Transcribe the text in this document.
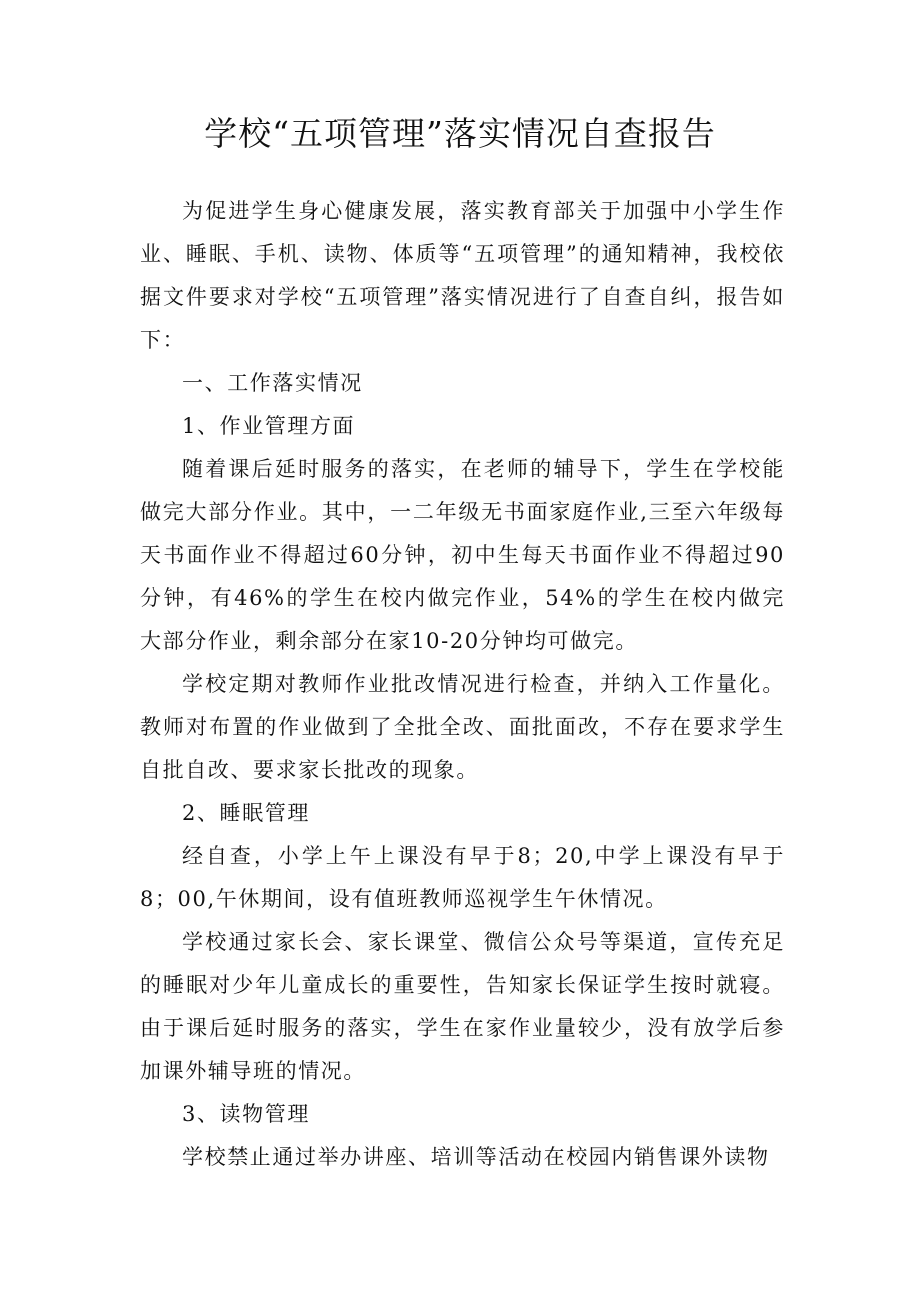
学校“五项管理”落实情况自查报告

为促进学生身心健康发展，落实教育部关于加强中小学生作业、睡眠、手机、读物、体质等“五项管理”的通知精神，我校依据文件要求对学校“五项管理”落实情况进行了自查自纠，报告如下：

一、工作落实情况

1、作业管理方面

随着课后延时服务的落实，在老师的辅导下，学生在学校能做完大部分作业。其中，一二年级无书面家庭作业,三至六年级每天书面作业不得超过60分钟，初中生每天书面作业不得超过90分钟，有46%的学生在校内做完作业，54%的学生在校内做完大部分作业，剩余部分在家10-20分钟均可做完。

学校定期对教师作业批改情况进行检查，并纳入工作量化。教师对布置的作业做到了全批全改、面批面改，不存在要求学生自批自改、要求家长批改的现象。

2、睡眠管理

经自查，小学上午上课没有早于8；20,中学上课没有早于8；00,午休期间，设有值班教师巡视学生午休情况。

学校通过家长会、家长课堂、微信公众号等渠道，宣传充足的睡眠对少年儿童成长的重要性，告知家长保证学生按时就寝。由于课后延时服务的落实，学生在家作业量较少，没有放学后参加课外辅导班的情况。

3、读物管理

学校禁止通过举办讲座、培训等活动在校园内销售课外读物
